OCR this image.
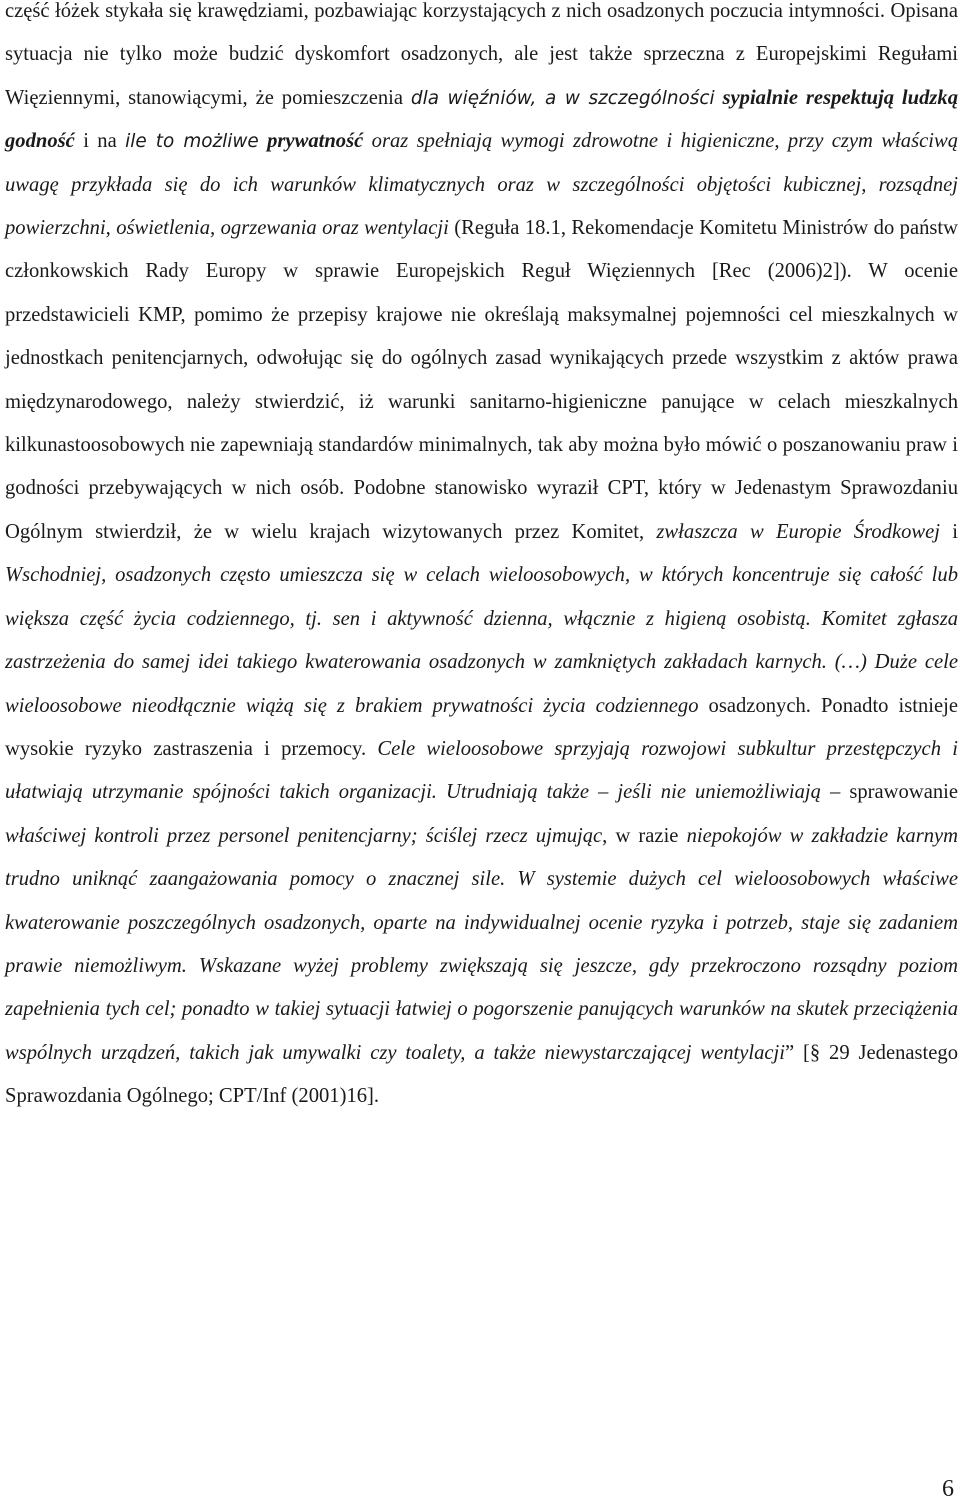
część łóżek stykała się krawędziami, pozbawiając korzystających z nich osadzonych poczucia intymności. Opisana sytuacja nie tylko może budzić dyskomfort osadzonych, ale jest także sprzeczna z Europejskimi Regułami Więziennymi, stanowiącymi, że pomieszczenia dla więźniów, a w szczególności sypialnie respektują ludzką godność i na ile to możliwe prywatność oraz spełniają wymogi zdrowotne i higieniczne, przy czym właściwą uwagę przykłada się do ich warunków klimatycznych oraz w szczególności objętości kubicznej, rozsądnej powierzchni, oświetlenia, ogrzewania oraz wentylacji (Reguła 18.1, Rekomendacje Komitetu Ministrów do państw członkowskich Rady Europy w sprawie Europejskich Reguł Więziennych [Rec (2006)2]). W ocenie przedstawicieli KMP, pomimo że przepisy krajowe nie określają maksymalnej pojemności cel mieszkalnych w jednostkach penitencjarnych, odwołując się do ogólnych zasad wynikających przede wszystkim z aktów prawa międzynarodowego, należy stwierdzić, iż warunki sanitarno-higieniczne panujące w celach mieszkalnych kilkunastoosobowych nie zapewniają standardów minimalnych, tak aby można było mówić o poszanowaniu praw i godności przebywających w nich osób. Podobne stanowisko wyraził CPT, który w Jedenastym Sprawozdaniu Ogólnym stwierdził, że w wielu krajach wizytowanych przez Komitet, zwłaszcza w Europie Środkowej i Wschodniej, osadzonych często umieszcza się w celach wieloosobowych, w których koncentruje się całość lub większa część życia codziennego, tj. sen i aktywność dzienna, włącznie z higieną osobistą. Komitet zgłasza zastrzeżenia do samej idei takiego kwaterowania osadzonych w zamkniętych zakładach karnych. (…) Duże cele wieloosobowe nieodłącznie wiążą się z brakiem prywatności życia codziennego osadzonych. Ponadto istnieje wysokie ryzyko zastraszenia i przemocy. Cele wieloosobowe sprzyjają rozwojowi subkultur przestępczych i ułatwiają utrzymanie spójności takich organizacji. Utrudniają także – jeśli nie uniemożliwiają – sprawowanie właściwej kontroli przez personel penitencjarny; ściślej rzecz ujmując, w razie niepokojów w zakładzie karnym trudno uniknąć zaangażowania pomocy o znacznej sile. W systemie dużych cel wieloosobowych właściwe kwaterowanie poszczególnych osadzonych, oparte na indywidualnej ocenie ryzyka i potrzeb, staje się zadaniem prawie niemożliwym. Wskazane wyżej problemy zwiększają się jeszcze, gdy przekroczono rozsądny poziom zapełnienia tych cel; ponadto w takiej sytuacji łatwiej o pogorszenie panujących warunków na skutek przeciążenia wspólnych urządzeń, takich jak umywalki czy toalety, a także niewystarczającej wentylacji” [§ 29 Jedenastego Sprawozdania Ogólnego; CPT/Inf (2001)16].

6
